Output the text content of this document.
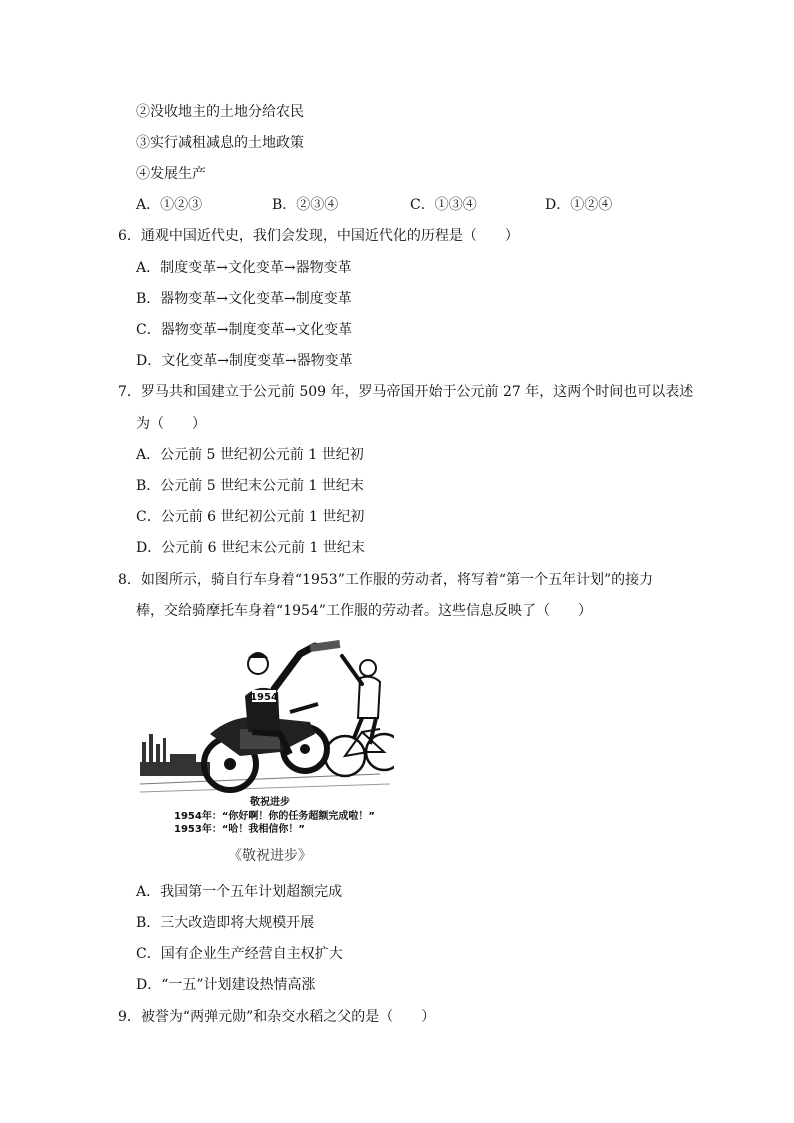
②没收地主的土地分给农民
③实行减租减息的土地政策
④发展生产
A．①②③	B．②③④	C．①③④	D．①②④
6．通观中国近代史，我们会发现，中国近代化的历程是（　　）
A．制度变革→文化变革→器物变革
B．器物变革→文化变革→制度变革
C．器物变革→制度变革→文化变革
D．文化变革→制度变革→器物变革
7．罗马共和国建立于公元前 509 年，罗马帝国开始于公元前 27 年，这两个时间也可以表述
为（　　）
A．公元前 5 世纪初公元前 1 世纪初
B．公元前 5 世纪末公元前 1 世纪末
C．公元前 6 世纪初公元前 1 世纪初
D．公元前 6 世纪末公元前 1 世纪末
8．如图所示，骑自行车身着“1953”工作服的劳动者，将写着“第一个五年计划”的接力
棒，交给骑摩托车身着“1954”工作服的劳动者。这些信息反映了（　　）
1954
敬祝进步
1954年：“你好啊！你的任务超额完成啦！”
1953年：“哈！我相信你！”
《敬祝进步》
A．我国第一个五年计划超额完成
B．三大改造即将大规模开展
C．国有企业生产经营自主权扩大
D．“一五”计划建设热情高涨
9．被誉为“两弹元勋”和杂交水稻之父的是（　　）
